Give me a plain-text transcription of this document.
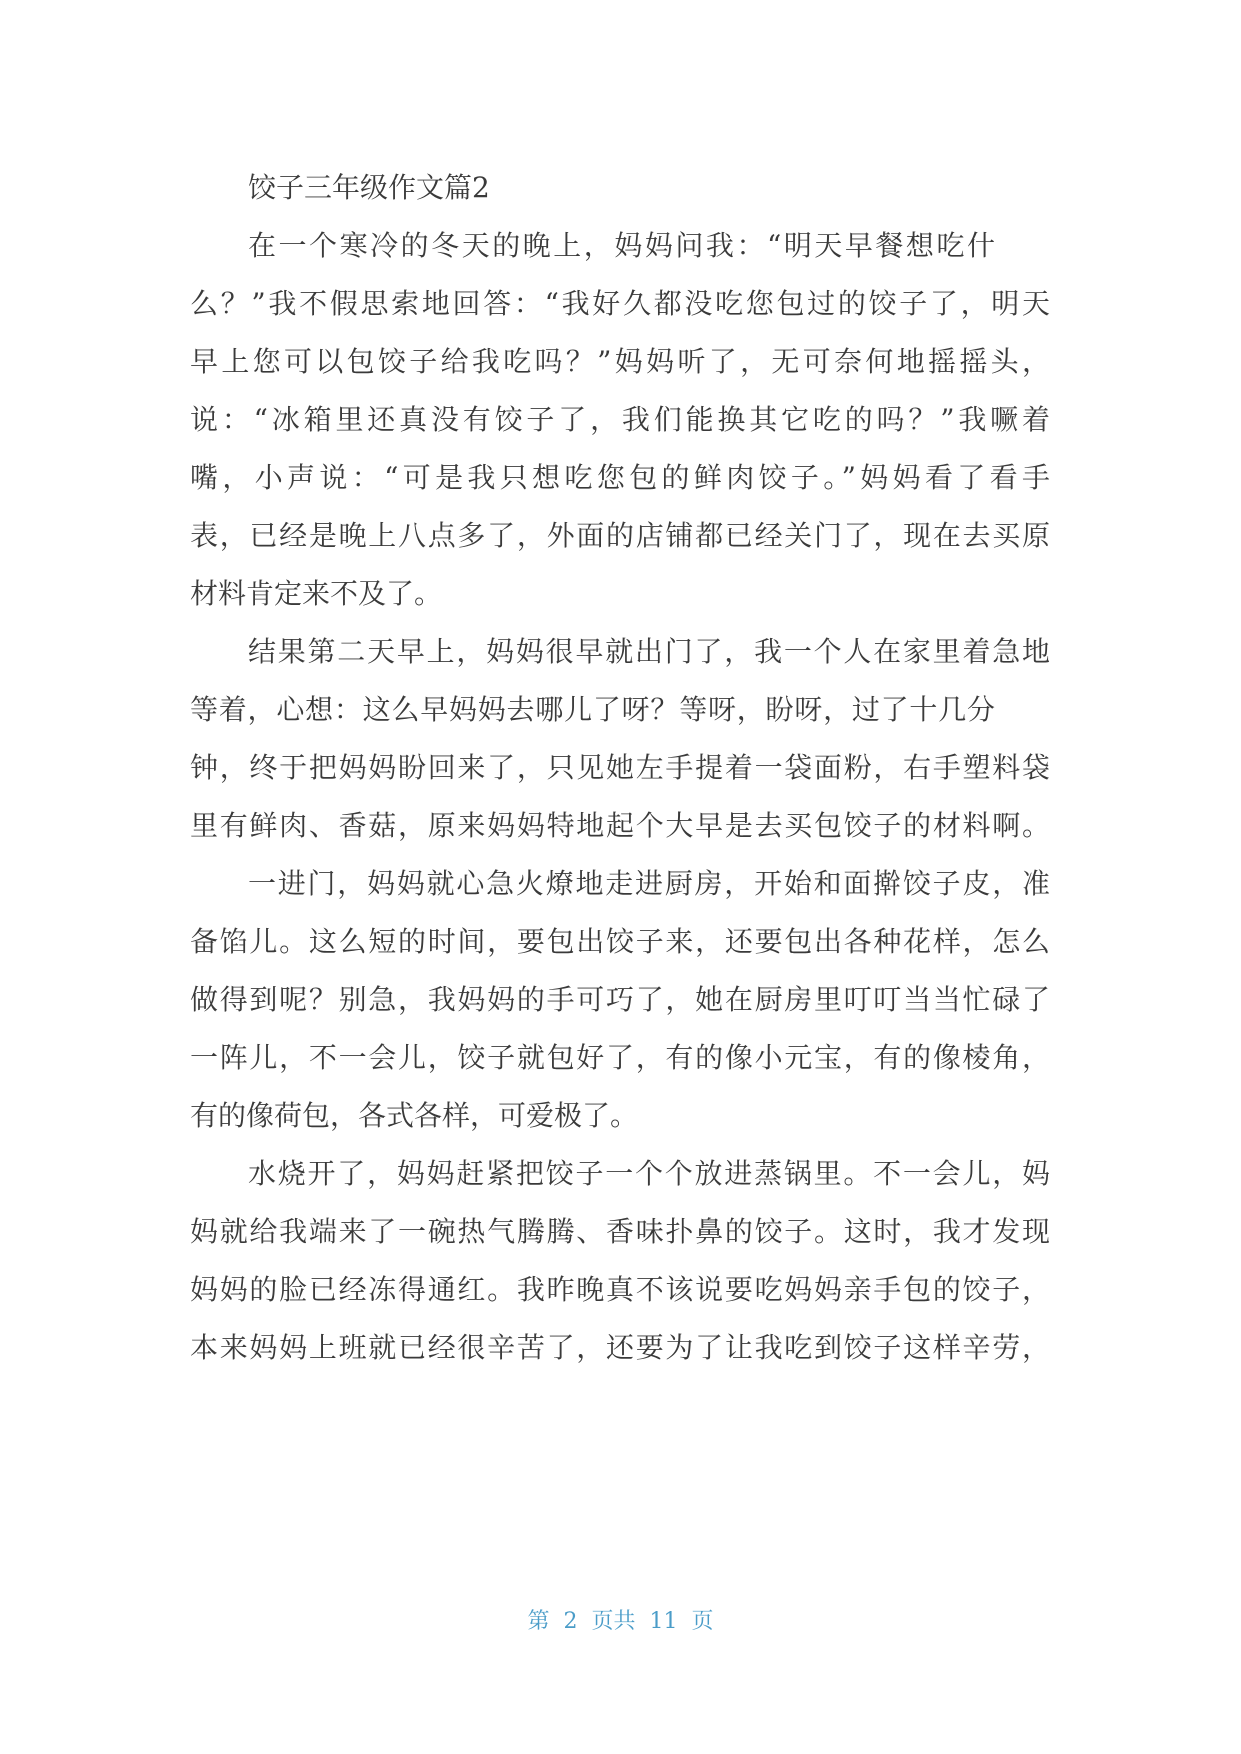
饺子三年级作文篇2

在一个寒冷的冬天的晚上，妈妈问我：“明天早餐想吃什

么？”我不假思索地回答：“我好久都没吃您包过的饺子了，明天

早上您可以包饺子给我吃吗？”妈妈听了，无可奈何地摇摇头，

说：“冰箱里还真没有饺子了，我们能换其它吃的吗？”我噘着

嘴，小声说：“可是我只想吃您包的鲜肉饺子。”妈妈看了看手

表，已经是晚上八点多了，外面的店铺都已经关门了，现在去买原

材料肯定来不及了。

结果第二天早上，妈妈很早就出门了，我一个人在家里着急地

等着，心想：这么早妈妈去哪儿了呀？等呀，盼呀，过了十几分

钟，终于把妈妈盼回来了，只见她左手提着一袋面粉，右手塑料袋

里有鲜肉、香菇，原来妈妈特地起个大早是去买包饺子的材料啊。

一进门，妈妈就心急火燎地走进厨房，开始和面擀饺子皮，准

备馅儿。这么短的时间，要包出饺子来，还要包出各种花样，怎么

做得到呢？别急，我妈妈的手可巧了，她在厨房里叮叮当当忙碌了

一阵儿，不一会儿，饺子就包好了，有的像小元宝，有的像棱角，

有的像荷包，各式各样，可爱极了。

水烧开了，妈妈赶紧把饺子一个个放进蒸锅里。不一会儿，妈

妈就给我端来了一碗热气腾腾、香味扑鼻的饺子。这时，我才发现

妈妈的脸已经冻得通红。我昨晚真不该说要吃妈妈亲手包的饺子，

本来妈妈上班就已经很辛苦了，还要为了让我吃到饺子这样辛劳，

第  2  页共  11  页
